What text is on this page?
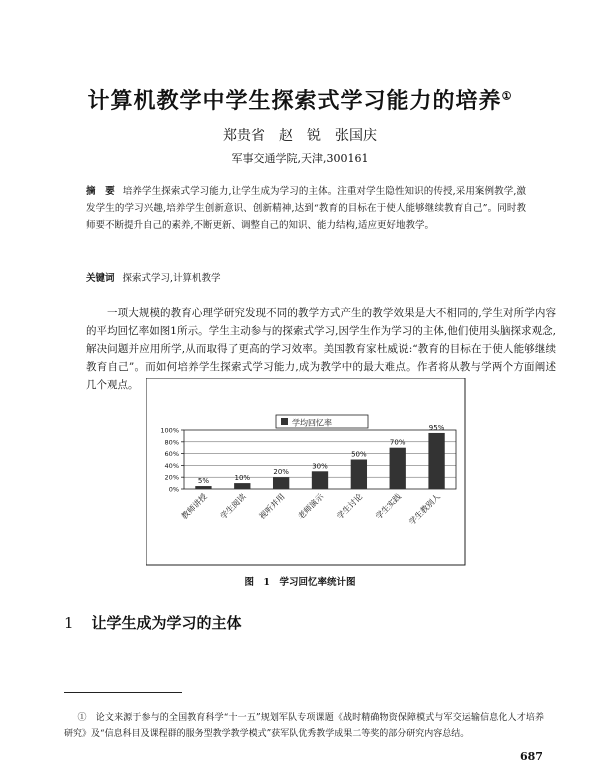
计算机教学中学生探索式学习能力的培养①
郑贵省　赵　锐　张国庆
军事交通学院,天津,300161
摘　要 培养学生探索式学习能力,让学生成为学习的主体。注重对学生隐性知识的传授,采用案例教学,激发学生的学习兴趣,培养学生创新意识、创新精神,达到“教育的目标在于使人能够继续教育自己”。同时教师要不断提升自己的素养,不断更新、调整自己的知识、能力结构,适应更好地教学。
关键词 探索式学习,计算机教学
一项大规模的教育心理学研究发现不同的教学方式产生的教学效果是大不相同的,学生对所学内容的平均回忆率如图1所示。学生主动参与的探索式学习,因学生作为学习的主体,他们使用头脑探求观念,解决问题并应用所学,从而取得了更高的学习效率。美国教育家杜威说:“教育的目标在于使人能够继续教育自己”。而如何培养学生探索式学习能力,成为教学中的最大难点。作者将从教与学两个方面阐述几个观点。
学均回忆率
0%
20%
40%
60%
80%
100%
教师讲授 学生阅读 视听并用 老师演示 学生讨论 学生实践 学生教别人
5%	10%
20%
30%
50%
70%
95%
图 1　学习回忆率统计图
1 让学生成为学习的主体
①　论文来源于参与的全国教育科学“十一五”规划军队专项课题《战时精确物资保障模式与军交运输信息化人才培养研究》及“信息科目及课程群的服务型教学教学模式”获军队优秀教学成果二等奖的部分研究内容总结。
687
